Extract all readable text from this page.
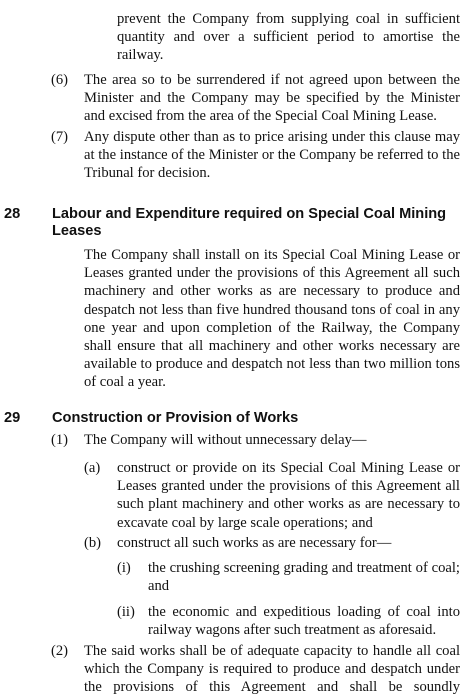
prevent the Company from supplying coal in sufficient quantity and over a sufficient period to amortise the railway.
(6) The area so to be surrendered if not agreed upon between the Minister and the Company may be specified by the Minister and excised from the area of the Special Coal Mining Lease.
(7) Any dispute other than as to price arising under this clause may at the instance of the Minister or the Company be referred to the Tribunal for decision.
28 Labour and Expenditure required on Special Coal Mining Leases
The Company shall install on its Special Coal Mining Lease or Leases granted under the provisions of this Agreement all such machinery and other works as are necessary to produce and despatch not less than five hundred thousand tons of coal in any one year and upon completion of the Railway, the Company shall ensure that all machinery and other works necessary are available to produce and despatch not less than two million tons of coal a year.
29 Construction or Provision of Works
(1) The Company will without unnecessary delay—
(a) construct or provide on its Special Coal Mining Lease or Leases granted under the provisions of this Agreement all such plant machinery and other works as are necessary to excavate coal by large scale operations; and
(b) construct all such works as are necessary for—
(i) the crushing screening grading and treatment of coal; and
(ii) the economic and expeditious loading of coal into railway wagons after such treatment as aforesaid.
(2) The said works shall be of adequate capacity to handle all coal which the Company is required to produce and despatch under the provisions of this Agreement and shall be soundly
